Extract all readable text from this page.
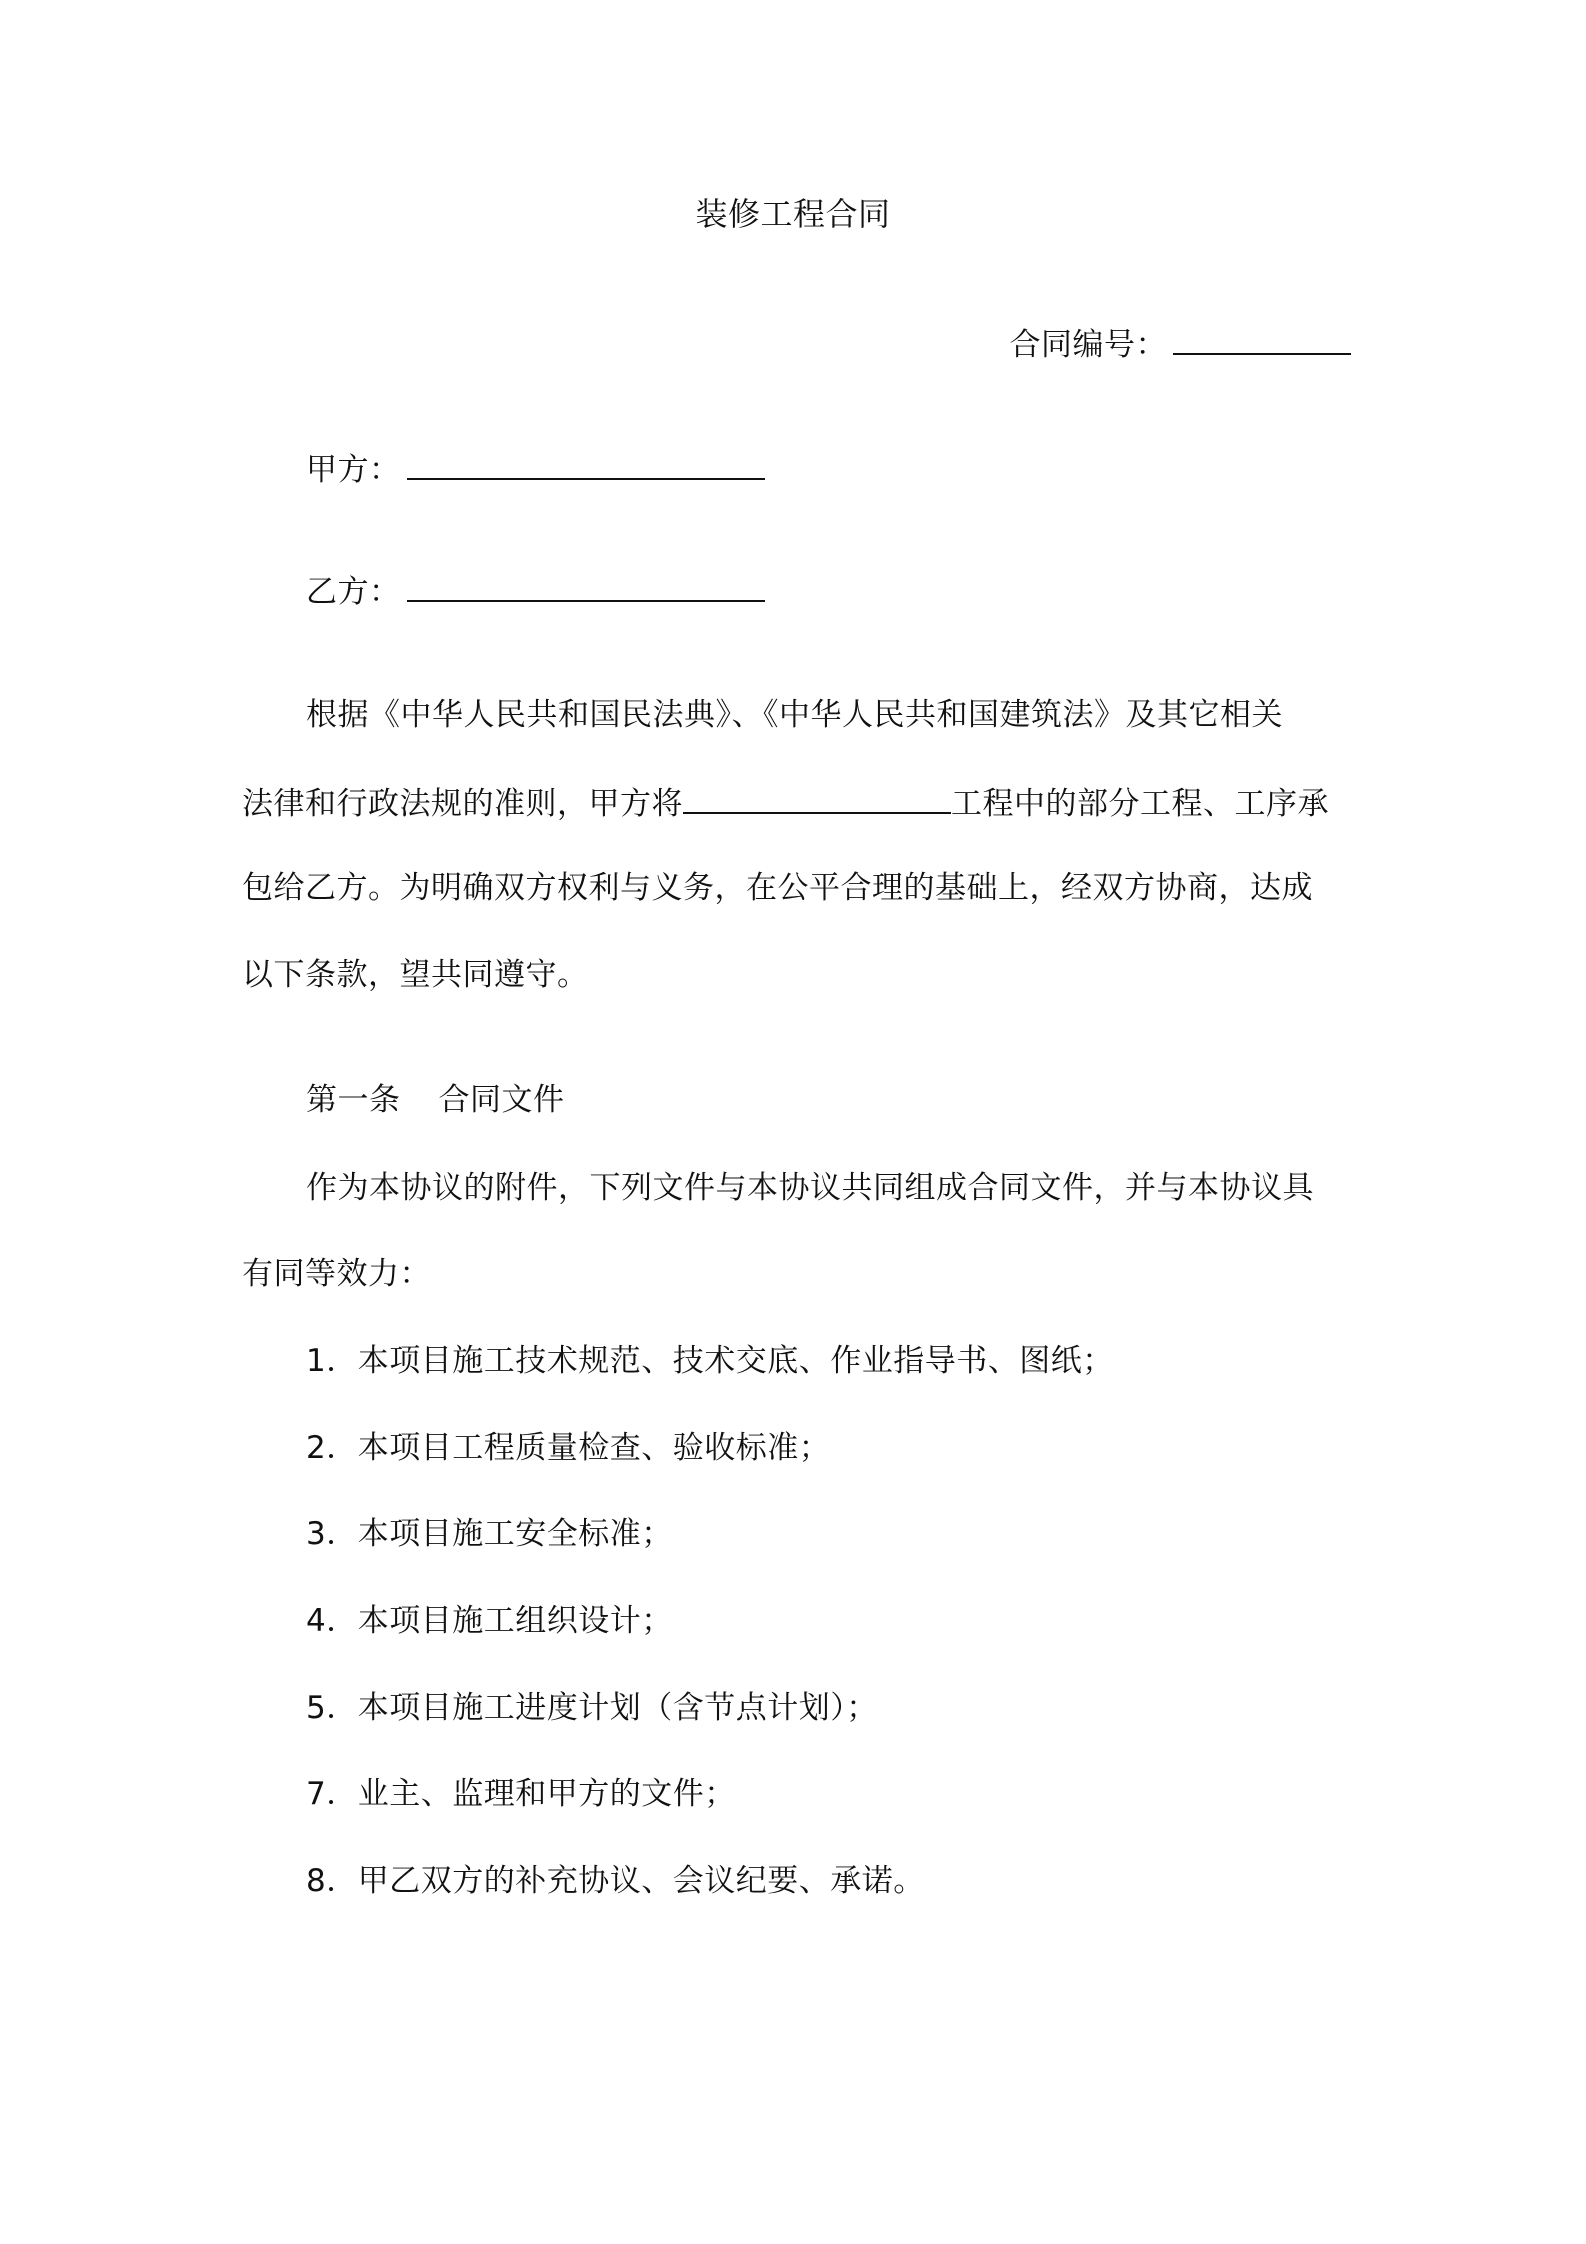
装修工程合同
合同编号：
甲方：
乙方：
根据《中华人民共和国民法典》、《中华人民共和国建筑法》及其它相关
法律和行政法规的准则，甲方将	工程中的部分工程、工序承
包给乙方。为明确双方权利与义务，在公平合理的基础上，经双方协商，达成
以下条款，望共同遵守。
第一条 合同文件
作为本协议的附件，下列文件与本协议共同组成合同文件，并与本协议具
有同等效力：
1．本项目施工技术规范、技术交底、作业指导书、图纸；
2．本项目工程质量检查、验收标准；
3．本项目施工安全标准；
4．本项目施工组织设计；
5．本项目施工进度计划（含节点计划）；
7．业主、监理和甲方的文件；
8．甲乙双方的补充协议、会议纪要、承诺。
